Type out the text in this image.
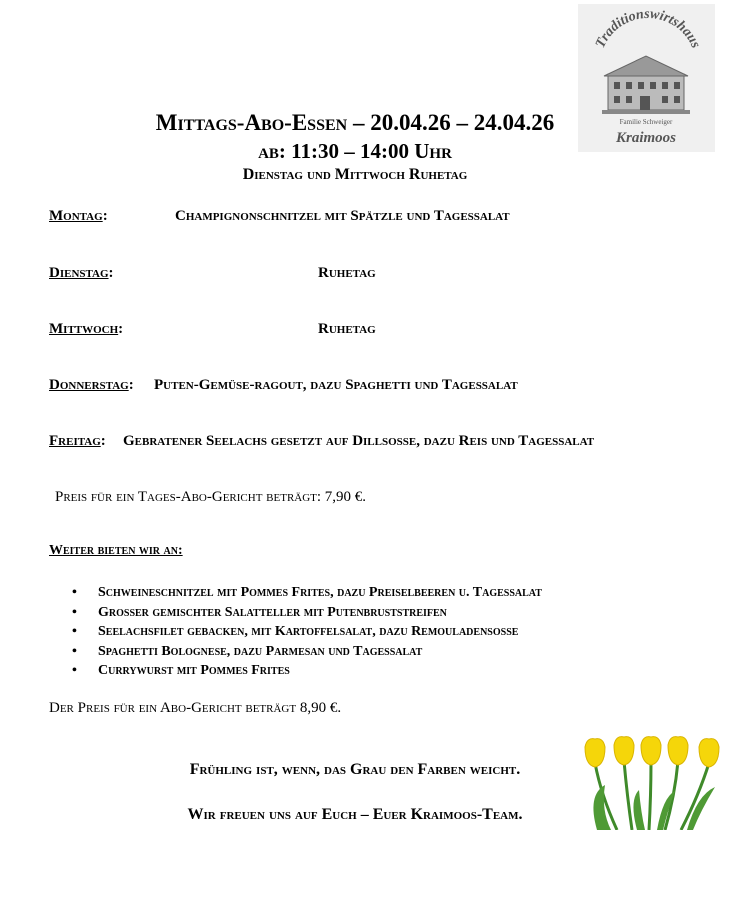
Traditionswirtshaus
Familie Schweiger
Kraimoos
Mittags-Abo-Essen – 20.04.26 – 24.04.26
ab: 11:30 – 14:00 Uhr
Dienstag und Mittwoch Ruhetag
Montag:	Champignonschnitzel mit Spätzle und Tagessalat
Dienstag:	Ruhetag
Mittwoch:	Ruhetag
Donnerstag: Puten-Gemüse-ragout, dazu Spaghetti und Tagessalat
Freitag: Gebratener Seelachs gesetzt auf Dillsoße, dazu Reis und Tagessalat
Preis für ein Tages-Abo-Gericht beträgt: 7,90 €.
Weiter bieten wir an:
• Schweineschnitzel mit Pommes Frites, dazu Preiselbeeren u. Tagessalat
• Großer gemischter Salatteller mit Putenbruststreifen
• Seelachsfilet gebacken, mit Kartoffelsalat, dazu Remouladensoße
• Spaghetti Bolognese, dazu Parmesan und Tagessalat
• Currywurst mit Pommes Frites
Der Preis für ein Abo-Gericht beträgt 8,90 €.
Frühling ist, wenn, das Grau den Farben weicht.
Wir freuen uns auf Euch – Euer Kraimoos-Team.
